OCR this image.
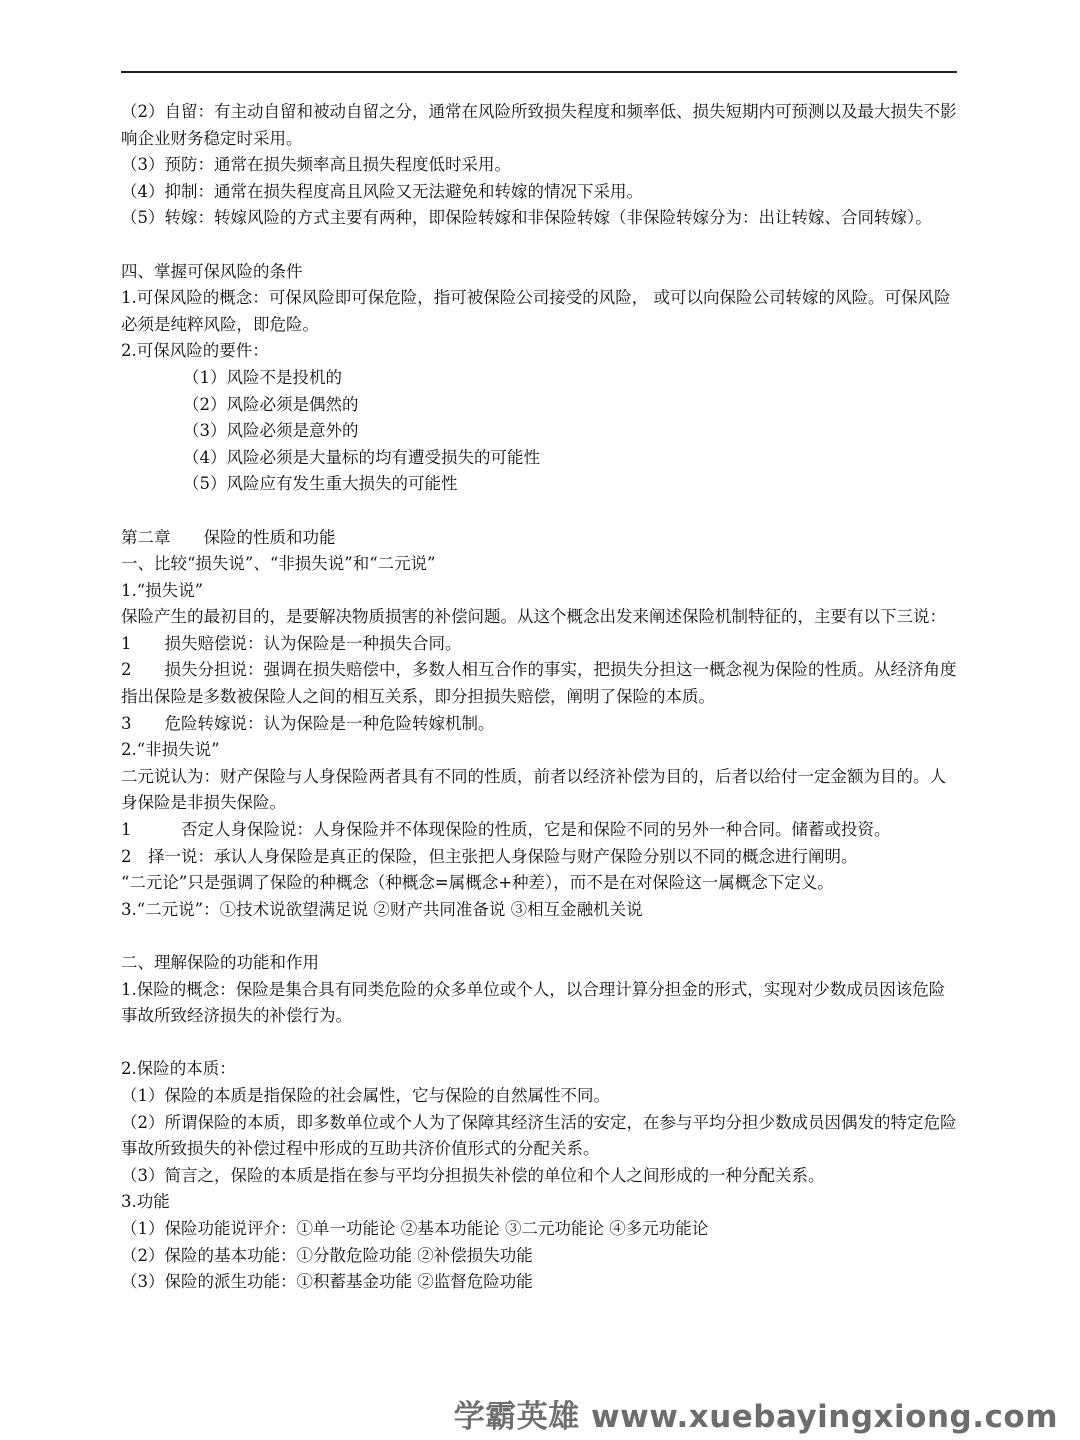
（2）自留：有主动自留和被动自留之分，通常在风险所致损失程度和频率低、损失短期内可预测以及最大损失不影响企业财务稳定时采用。

（3）预防：通常在损失频率高且损失程度低时采用。

（4）抑制：通常在损失程度高且风险又无法避免和转嫁的情况下采用。

（5）转嫁：转嫁风险的方式主要有两种，即保险转嫁和非保险转嫁（非保险转嫁分为：出让转嫁、合同转嫁）。

四、掌握可保风险的条件

1.可保风险的概念：可保风险即可保危险，指可被保险公司接受的风险， 或可以向保险公司转嫁的风险。可保风险必须是纯粹风险，即危险。

2.可保风险的要件：

（1）风险不是投机的

（2）风险必须是偶然的

（3）风险必须是意外的

（4）风险必须是大量标的均有遭受损失的可能性

（5）风险应有发生重大损失的可能性

第二章　　保险的性质和功能

一、比较“损失说”、“非损失说”和“二元说”

1.“损失说”

保险产生的最初目的，是要解决物质损害的补偿问题。从这个概念出发来阐述保险机制特征的，主要有以下三说：

1　　损失赔偿说：认为保险是一种损失合同。

2　　损失分担说：强调在损失赔偿中，多数人相互合作的事实，把损失分担这一概念视为保险的性质。从经济角度指出保险是多数被保险人之间的相互关系，即分担损失赔偿，阐明了保险的本质。

3　　危险转嫁说：认为保险是一种危险转嫁机制。

2.“非损失说”

二元说认为：财产保险与人身保险两者具有不同的性质，前者以经济补偿为目的，后者以给付一定金额为目的。人身保险是非损失保险。

1　　　否定人身保险说：人身保险并不体现保险的性质，它是和保险不同的另外一种合同。储蓄或投资。

2　择一说：承认人身保险是真正的保险，但主张把人身保险与财产保险分别以不同的概念进行阐明。

“二元论”只是强调了保险的种概念（种概念=属概念+种差），而不是在对保险这一属概念下定义。

3.“二元说”：①技术说欲望满足说 ②财产共同准备说 ③相互金融机关说

二、理解保险的功能和作用

1.保险的概念：保险是集合具有同类危险的众多单位或个人，以合理计算分担金的形式，实现对少数成员因该危险事故所致经济损失的补偿行为。

2.保险的本质：

（1）保险的本质是指保险的社会属性，它与保险的自然属性不同。

（2）所谓保险的本质，即多数单位或个人为了保障其经济生活的安定，在参与平均分担少数成员因偶发的特定危险事故所致损失的补偿过程中形成的互助共济价值形式的分配关系。

（3）简言之，保险的本质是指在参与平均分担损失补偿的单位和个人之间形成的一种分配关系。

3.功能

（1）保险功能说评介：①单一功能论 ②基本功能论 ③二元功能论 ④多元功能论

（2）保险的基本功能：①分散危险功能 ②补偿损失功能

（3）保险的派生功能：①积蓄基金功能 ②监督危险功能

学霸英雄 www.xuebayingxiong.com
